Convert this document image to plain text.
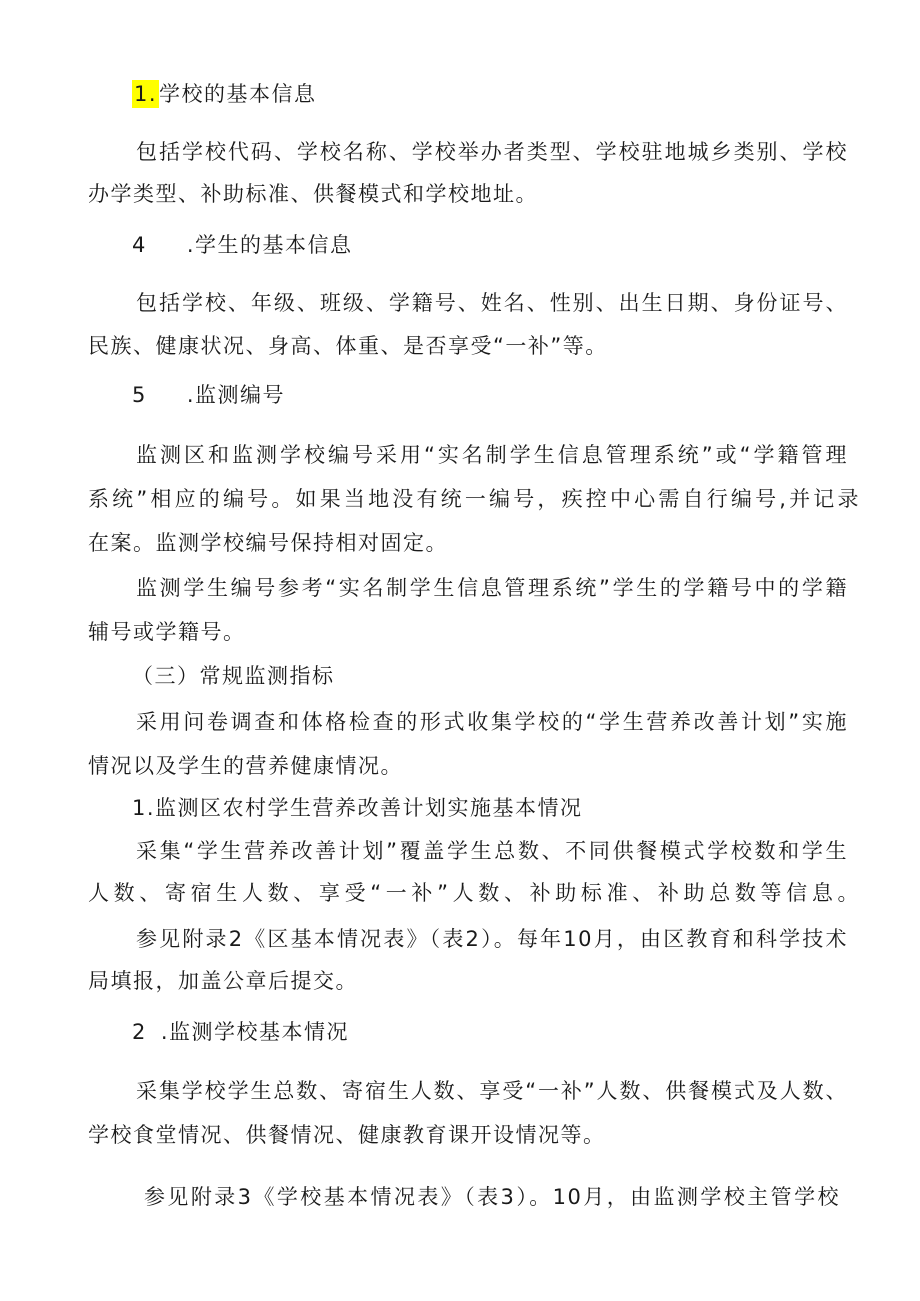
1.学校的基本信息
包括学校代码、学校名称、学校举办者类型、学校驻地城乡类别、学校
办学类型、补助标准、供餐模式和学校地址。
4 .学生的基本信息
包括学校、年级、班级、学籍号、姓名、性别、出生日期、身份证号、
民族、健康状况、身高、体重、是否享受“一补”等。
5 .监测编号
监测区和监测学校编号采用“实名制学生信息管理系统”或“学籍管理
系统”相应的编号。如果当地没有统一编号，疾控中心需自行编号,并记录
在案。监测学校编号保持相对固定。
监测学生编号参考“实名制学生信息管理系统”学生的学籍号中的学籍
辅号或学籍号。
（三）常规监测指标
采用问卷调查和体格检查的形式收集学校的“学生营养改善计划”实施
情况以及学生的营养健康情况。
1.监测区农村学生营养改善计划实施基本情况
采集“学生营养改善计划”覆盖学生总数、不同供餐模式学校数和学生
人数、寄宿生人数、享受“一补”人数、补助标准、补助总数等信息。
参见附录2《区基本情况表》（表2）。每年10月，由区教育和科学技术
局填报，加盖公章后提交。
2 .监测学校基本情况
采集学校学生总数、寄宿生人数、享受“一补”人数、供餐模式及人数、
学校食堂情况、供餐情况、健康教育课开设情况等。
参见附录3《学校基本情况表》（表3）。10月，由监测学校主管学校
